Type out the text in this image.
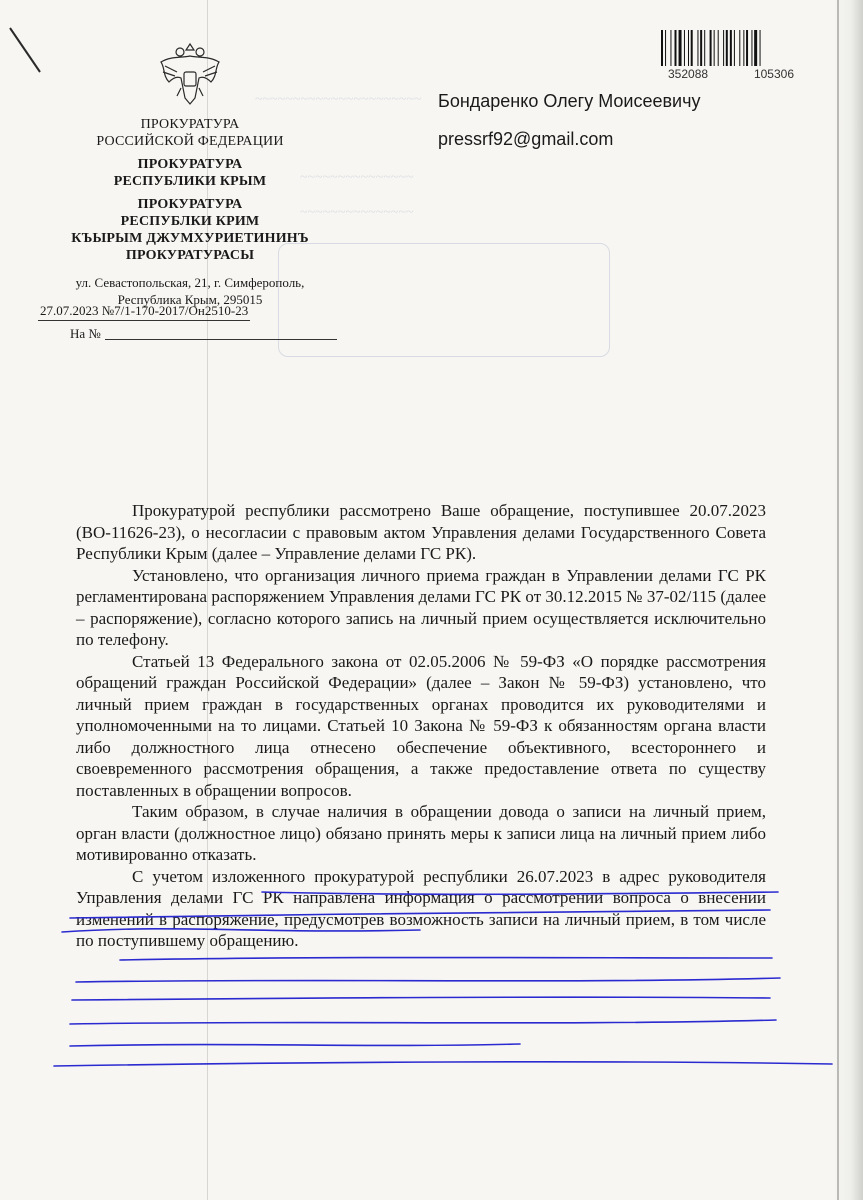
~~~~~~~~~~~~~~~~~~~~~~
~~~~~~~~~~~~~~~
~~~~~~~~~~~~~~~
ПРОКУРАТУРА
РОССИЙСКОЙ ФЕДЕРАЦИИ
ПРОКУРАТУРА
РЕСПУБЛИКИ КРЫМ
ПРОКУРАТУРА
РЕСПУБЛКИ КРИМ
КЪЫРЫМ ДЖУМХУРИЕТИНИНЪ
ПРОКУРАТУРАСЫ
ул. Севастопольская, 21, г. Симферополь,
Республика Крым, 295015
27.07.2023 №7/1-170-2017/Он2510-23
На №
352088	105306
Бондаренко Олегу Моисеевичу
pressrf92@gmail.com

Прокуратурой республики рассмотрено Ваше обращение, поступившее 20.07.2023 (ВО-11626-23), о несогласии с правовым актом Управления делами Государственного Совета Республики Крым (далее – Управление делами ГС РК).

Установлено, что организация личного приема граждан в Управлении делами ГС РК регламентирована распоряжением Управления делами ГС РК от 30.12.2015 № 37-02/115 (далее – распоряжение), согласно которого запись на личный прием осуществляется исключительно по телефону.

Статьей 13 Федерального закона от 02.05.2006 № 59-ФЗ «О порядке рассмотрения обращений граждан Российской Федерации» (далее – Закон № 59-ФЗ) установлено, что личный прием граждан в государственных органах проводится их руководителями и уполномоченными на то лицами. Статьей 10 Закона № 59-ФЗ к обязанностям органа власти либо должностного лица отнесено обеспечение объективного, всестороннего и своевременного рассмотрения обращения, а также предоставление ответа по существу поставленных в обращении вопросов.

Таким образом, в случае наличия в обращении довода о записи на личный прием, орган власти (должностное лицо) обязано принять меры к записи лица на личный прием либо мотивированно отказать.

С учетом изложенного прокуратурой республики 26.07.2023 в адрес руководителя Управления делами ГС РК направлена информация о рассмотрении вопроса о внесении изменений в распоряжение, предусмотрев возможность записи на личный прием, в том числе по поступившему обращению.
